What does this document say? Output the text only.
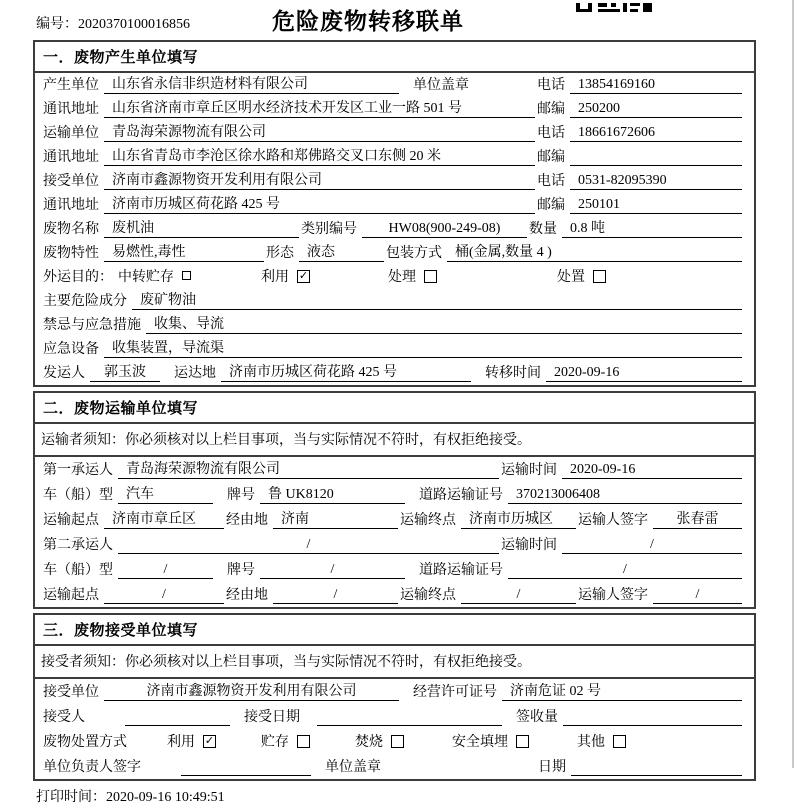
编号：2020370100016856	危险废物转移联单
一．废物产生单位填写
产生单位 山东省永信非织造材料有限公司	单位盖章	电话 13854169160
通讯地址 山东省济南市章丘区明水经济技术开发区工业一路 501 号	邮编 250200
运输单位 青岛海荣源物流有限公司	电话 18661672606
通讯地址 山东省青岛市李沧区徐水路和郑佛路交叉口东侧 20 米	邮编
接受单位 济南市鑫源物资开发利用有限公司	电话 0531-82095390
通讯地址 济南市历城区荷花路 425 号	邮编 250101
废物名称 废机油	类别编号	HW08(900-249-08)	数量 0.8 吨
废物特性 易燃性,毒性	形态 液态	包装方式 桶(金属,数量 4 )
外运目的： 中转贮存	利用 ✓	处理	处置
主要危险成分 废矿物油
禁忌与应急措施 收集、导流
应急设备 收集装置，导流渠
发运人	郭玉波	运达地 济南市历城区荷花路 425 号	转移时间 2020-09-16
二．废物运输单位填写
运输者须知：你必须核对以上栏目事项，当与实际情况不符时，有权拒绝接受。
第一承运人 青岛海荣源物流有限公司	运输时间 2020-09-16
车（船）型 汽车	牌号 鲁 UK8120	道路运输证号 370213006408
运输起点 济南市章丘区	经由地 济南	运输终点 济南市历城区	运输人签字	张春雷
第二承运人	/	运输时间	/
车（船）型	/	牌号	/	道路运输证号	/
运输起点	/	经由地	/	运输终点	/	运输人签字	/
三．废物接受单位填写
接受者须知：你必须核对以上栏目事项，当与实际情况不符时，有权拒绝接受。
接受单位	济南市鑫源物资开发利用有限公司	经营许可证号 济南危证 02 号
接受人	接受日期	签收量
废物处置方式	利用 ✓	贮存	焚烧	安全填埋	其他
单位负责人签字	单位盖章	日期
打印时间：2020-09-16 10:49:51
